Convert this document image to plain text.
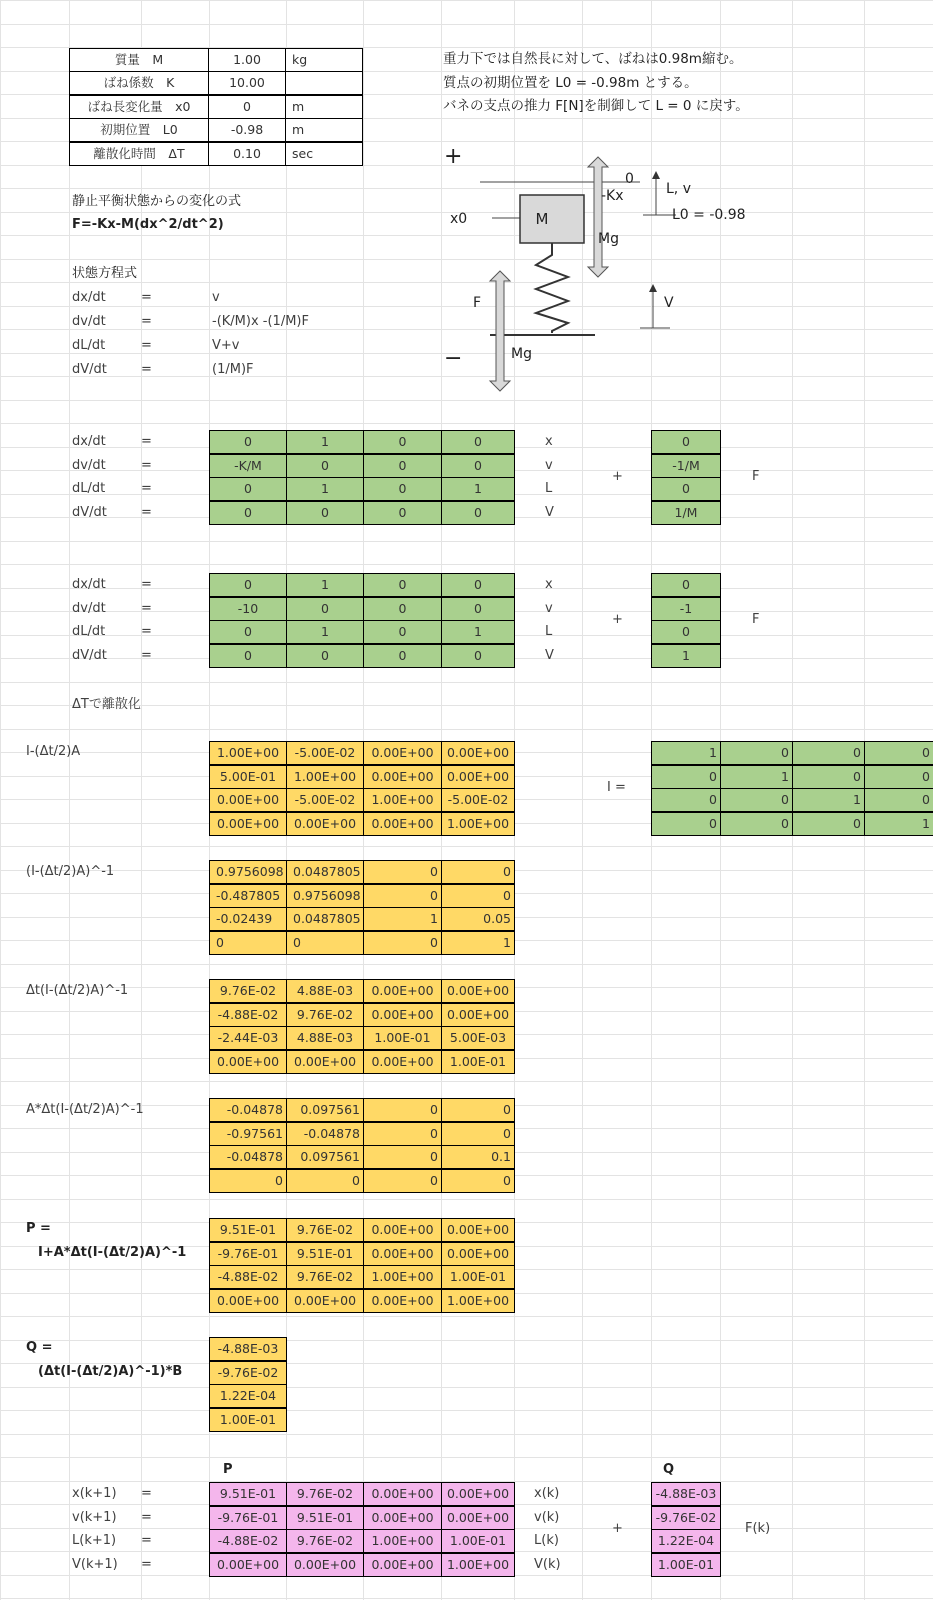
質量　M	1.00	kg
ばね係数　K	10.00
ばね長変化量　x0	0	m
初期位置　L0	-0.98	m
離散化時間　ΔT	0.10	sec
重力下では自然長に対して、ばねは0.98m縮む。
質点の初期位置を L0 = -0.98m とする。
バネの支点の推力 F[N]を制御して L = 0 に戻す。
静止平衡状態からの変化の式
F=-Kx-M(dx^2/dt^2)
状態方程式
dx/dt	=	v
dv/dt	=	-(K/M)x -(1/M)F
dL/dt	=	V+v
dV/dt	=	(1/M)F
+
−
x0	M
0
-Kx	L, v
L0 = -0.98
Mg
F	V
Mg
dx/dt	=	0	1	0	0	x	0
dv/dt	=	-K/M	0	0	0	v	-1/M
dL/dt	=	0	1	0	1	L	0
dV/dt	=	0	0	0	0	V	1/M
+	F
dx/dt	=	0	1	0	0	x	0
dv/dt	=	-10	0	0	0	v	-1
dL/dt	=	0	1	0	1	L	0
dV/dt	=	0	0	0	0	V	1
+	F
ΔTで離散化
I-(Δt/2)A	1.00E+00	-5.00E-02	0.00E+00	0.00E+00
5.00E-01	1.00E+00	0.00E+00	0.00E+00
0.00E+00	-5.00E-02	1.00E+00	-5.00E-02
0.00E+00	0.00E+00	0.00E+00	1.00E+00
I =
1	0	0	0
0	1	0	0
0	0	1	0
0	0	0	1
(I-(Δt/2)A)^-1	0.9756098 0.0487805	0	0
-0.487805	0.9756098	0	0
-0.02439	0.0487805	1	0.05
0	0	0	1
Δt(I-(Δt/2)A)^-1	9.76E-02	4.88E-03	0.00E+00	0.00E+00
-4.88E-02	9.76E-02	0.00E+00	0.00E+00
-2.44E-03	4.88E-03	1.00E-01	5.00E-03
0.00E+00	0.00E+00	0.00E+00	1.00E-01
A*Δt(I-(Δt/2)A)^-1	-0.04878	0.097561	0	0
-0.97561	-0.04878	0	0
-0.04878	0.097561	0	0.1
0	0	0	0
P =
I+A*Δt(I-(Δt/2)A)^-1
9.51E-01	9.76E-02	0.00E+00	0.00E+00
-9.76E-01	9.51E-01	0.00E+00	0.00E+00
-4.88E-02	9.76E-02	1.00E+00	1.00E-01
0.00E+00	0.00E+00	0.00E+00	1.00E+00
Q =
(Δt(I-(Δt/2)A)^-1)*B
-4.88E-03
-9.76E-02
1.22E-04
1.00E-01
P	Q
x(k+1) =	9.51E-01	9.76E-02	0.00E+00	0.00E+00	x(k)	-4.88E-03
v(k+1) =	-9.76E-01	9.51E-01	0.00E+00	0.00E+00	v(k)	-9.76E-02
L(k+1) =	-4.88E-02	9.76E-02	1.00E+00	1.00E-01	L(k)	1.22E-04
V(k+1) =	0.00E+00	0.00E+00	0.00E+00	1.00E+00	V(k)	1.00E-01
+	F(k)
